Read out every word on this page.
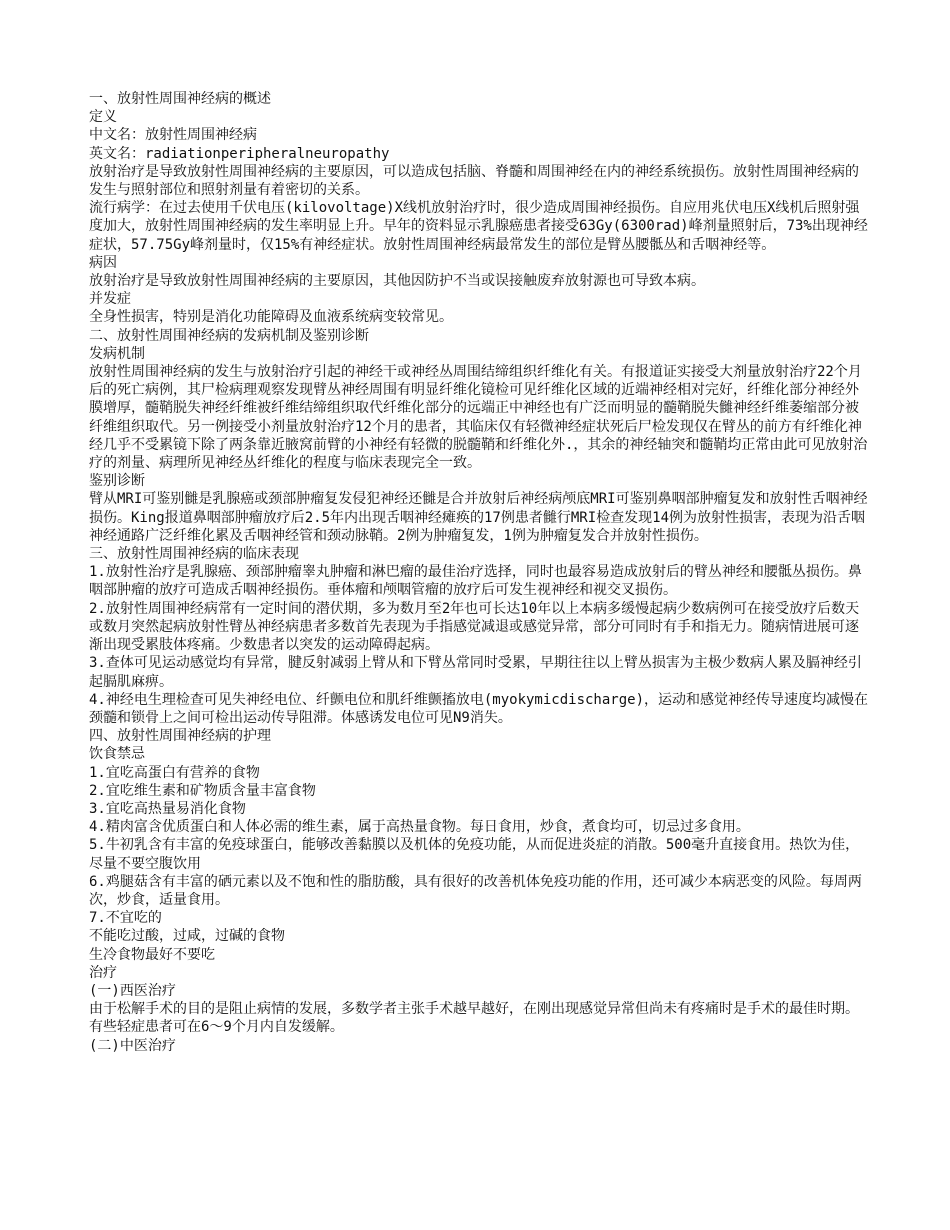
一、放射性周围神经病的概述

定义

中文名：放射性周围神经病

英文名：radiationperipheralneuropathy

放射治疗是导致放射性周围神经病的主要原因，可以造成包括脑、脊髓和周围神经在内的神经系统损伤。放射性周围神经病的发生与照射部位和照射剂量有着密切的关系。

流行病学：在过去使用千伏电压(kilovoltage)X线机放射治疗时，很少造成周围神经损伤。自应用兆伏电压X线机后照射强度加大，放射性周围神经病的发生率明显上升。早年的资料显示乳腺癌患者接受63Gy(6300rad)峰剂量照射后，73%出现神经症状，57.75Gy峰剂量时，仅15%有神经症状。放射性周围神经病最常发生的部位是臂丛腰骶丛和舌咽神经等。

病因

放射治疗是导致放射性周围神经病的主要原因，其他因防护不当或误接触废弃放射源也可导致本病。

并发症

全身性损害，特别是消化功能障碍及血液系统病变较常见。

二、放射性周围神经病的发病机制及鉴别诊断

发病机制

放射性周围神经病的发生与放射治疗引起的神经干或神经丛周围结缔组织纤维化有关。有报道证实接受大剂量放射治疗22个月后的死亡病例，其尸检病理观察发现臂丛神经周围有明显纤维化镜检可见纤维化区域的近端神经相对完好，纤维化部分神经外膜增厚，髓鞘脱失神经纤维被纤维结缔组织取代纤维化部分的远端正中神经也有广泛而明显的髓鞘脱失雠神经纤维萎缩部分被纤维组织取代。另一例接受小剂量放射治疗12个月的患者，其临床仅有轻微神经症状死后尸检发现仅在臂丛的前方有纤维化神经几乎不受累镜下除了两条靠近腋窝前臂的小神经有轻微的脱髓鞘和纤维化外.，其余的神经轴突和髓鞘均正常由此可见放射治疗的剂量、病理所见神经丛纤维化的程度与临床表现完全一致。

鉴别诊断

臂从MRI可鉴别雠是乳腺癌或颈部肿瘤复发侵犯神经还雠是合并放射后神经病颅底MRI可鉴别鼻咽部肿瘤复发和放射性舌咽神经损伤。King报道鼻咽部肿瘤放疗后2.5年内出现舌咽神经瘫痪的17例患者雠行MRI检查发现14例为放射性损害，表现为沿舌咽神经通路广泛纤维化累及舌咽神经管和颈动脉鞘。2例为肿瘤复发，1例为肿瘤复发合并放射性损伤。

三、放射性周围神经病的临床表现

1.放射性治疗是乳腺癌、颈部肿瘤睾丸肿瘤和淋巴瘤的最佳治疗选择，同时也最容易造成放射后的臂丛神经和腰骶丛损伤。鼻咽部肿瘤的放疗可造成舌咽神经损伤。垂体瘤和颅咽管瘤的放疗后可发生视神经和视交叉损伤。

2.放射性周围神经病常有一定时间的潜伏期，多为数月至2年也可长达10年以上本病多缓慢起病少数病例可在接受放疗后数天或数月突然起病放射性臂丛神经病患者多数首先表现为手指感觉减退或感觉异常，部分可同时有手和指无力。随病情进展可逐渐出现受累肢体疼痛。少数患者以突发的运动障碍起病。

3.查体可见运动感觉均有异常，腱反射减弱上臂从和下臂丛常同时受累，早期往往以上臂丛损害为主极少数病人累及膈神经引起膈肌麻痹。

4.神经电生理检查可见失神经电位、纤颤电位和肌纤维颤搐放电(myokymicdischarge)，运动和感觉神经传导速度均减慢在颈髓和锁骨上之间可检出运动传导阻滞。体感诱发电位可见N9消失。

四、放射性周围神经病的护理

饮食禁忌

1.宜吃高蛋白有营养的食物

2.宜吃维生素和矿物质含量丰富食物

3.宜吃高热量易消化食物

4.精肉富含优质蛋白和人体必需的维生素，属于高热量食物。每日食用，炒食，煮食均可，切忌过多食用。

5.牛初乳含有丰富的免疫球蛋白，能够改善黏膜以及机体的免疫功能，从而促进炎症的消散。500毫升直接食用。热饮为佳，尽量不要空腹饮用

6.鸡腿菇含有丰富的硒元素以及不饱和性的脂肪酸，具有很好的改善机体免疫功能的作用，还可减少本病恶变的风险。每周两次，炒食，适量食用。

7.不宜吃的

不能吃过酸，过咸，过碱的食物

生冷食物最好不要吃

治疗

(一)西医治疗

由于松解手术的目的是阻止病情的发展，多数学者主张手术越早越好，在刚出现感觉异常但尚未有疼痛时是手术的最佳时期。有些轻症患者可在6～9个月内自发缓解。

(二)中医治疗
